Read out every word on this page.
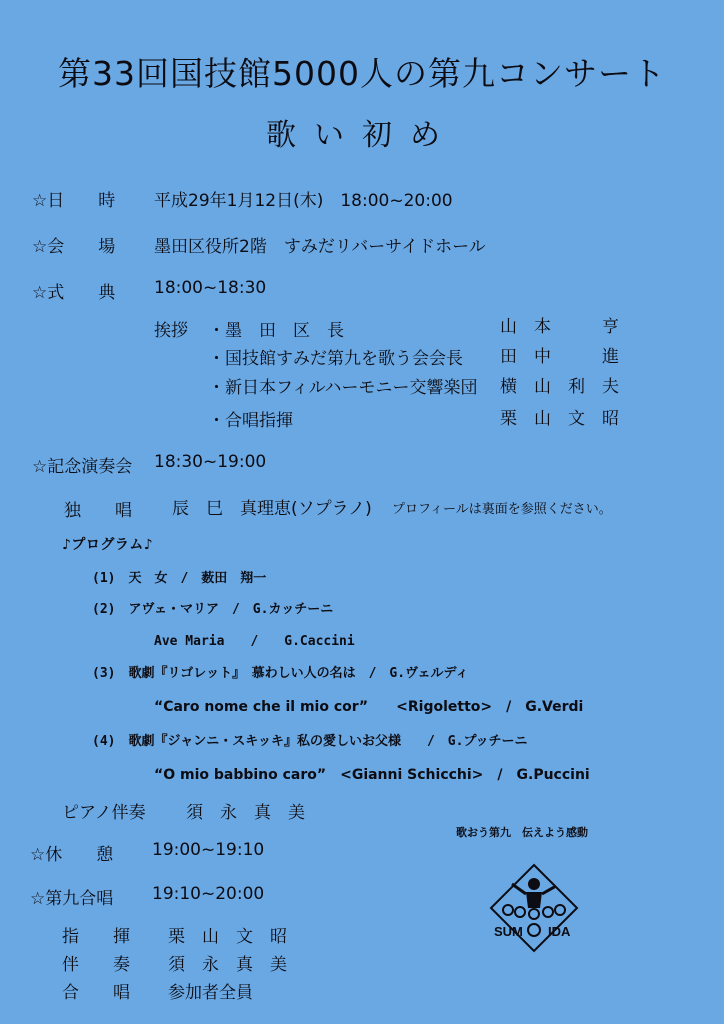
第33回国技館5000人の第九コンサート
歌い初め
☆日　　時 平成29年1月12日(木)　18:00~20:00
☆会　　場 墨田区役所2階　すみだリバーサイドホール
☆式　　典 18:00~18:30
挨拶 ・墨　田　区　長	山　本　　　亨
・国技館すみだ第九を歌う会会長 田　中　　　進
・新日本フィルハーモニー交響楽団 横　山　利　夫
・合唱指揮	栗　山　文　昭
☆記念演奏会 18:30~19:00
独　　唱 辰　巳　真理恵(ソプラノ) プロフィールは裏面を参照ください。
♪プログラム♪
(1)　天　女　/　薮田　翔一
(2)　アヴェ・マリア　/　G.カッチーニ
Ave Maria　　/　　G.Caccini
(3)　歌劇『リゴレット』　慕わしい人の名は　/　G.ヴェルディ
“Caro nome che il mio cor”　　<Rigoletto>　/　G.Verdi
(4)　歌劇『ジャンニ・スキッキ』私の愛しいお父様　　/　G.プッチーニ
“O mio babbino caro”　<Gianni Schicchi>　/　G.Puccini
ピアノ伴奏 須　永　真　美
☆休　　憩 19:00~19:10
☆第九合唱 19:10~20:00
指　　揮 栗　山　文　昭
伴　　奏 須　永　真　美
合　　唱 参加者全員
歌おう第九　伝えよう感動
SUM IDA
